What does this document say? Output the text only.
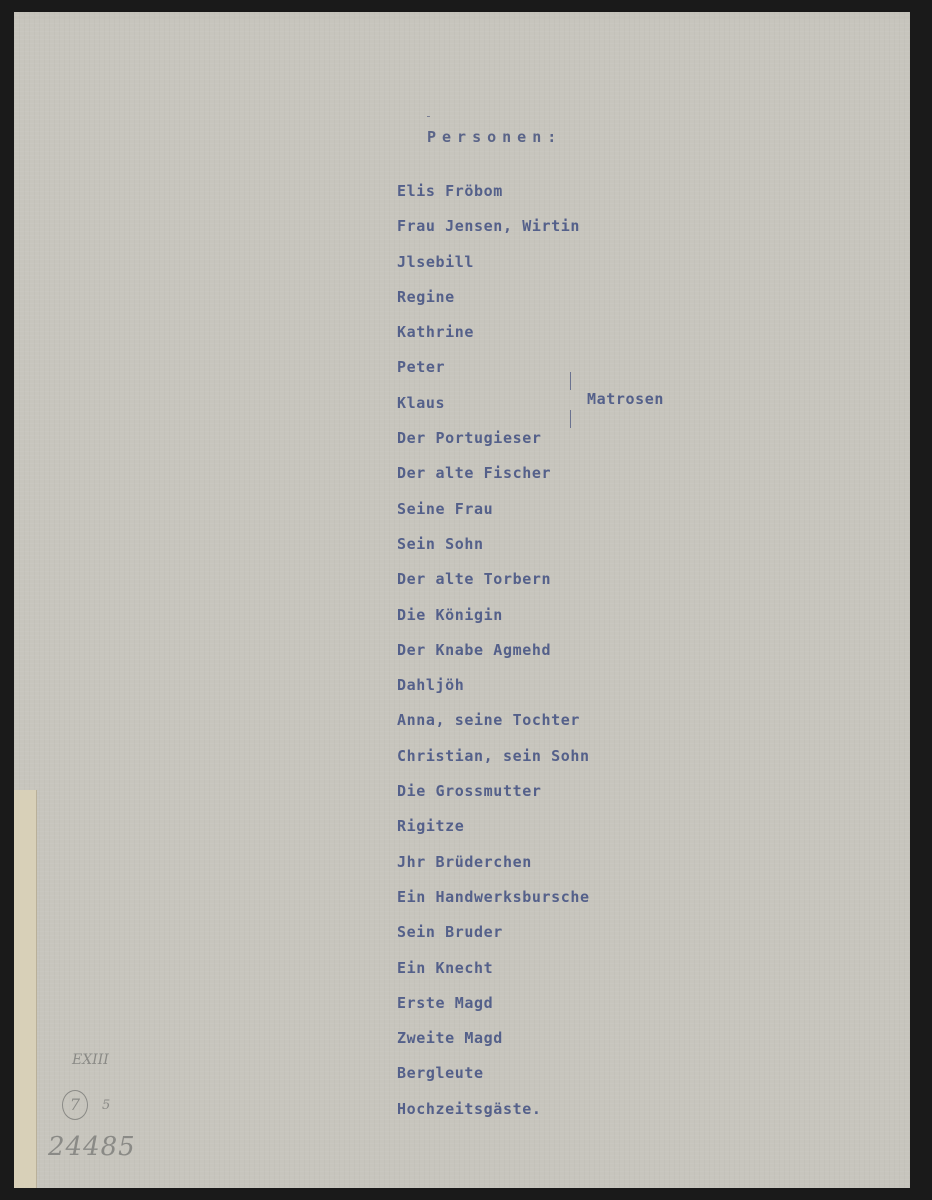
Personen:
Elis Fröbom
Frau Jensen, Wirtin
Jlsebill
Regine
Kathrine
Peter
Klaus
Der Portugieser
Der alte Fischer
Seine Frau
Sein Sohn
Der alte Torbern
Die Königin
Der Knabe Agmehd
Dahljöh
Anna, seine Tochter
Christian, sein Sohn
Die Grossmutter
Rigitze
Jhr Brüderchen
Ein Handwerksbursche
Sein Bruder
Ein Knecht
Erste Magd
Zweite Magd
Bergleute
Hochzeitsgäste.
Matrosen
EXIII
7	5
24485
